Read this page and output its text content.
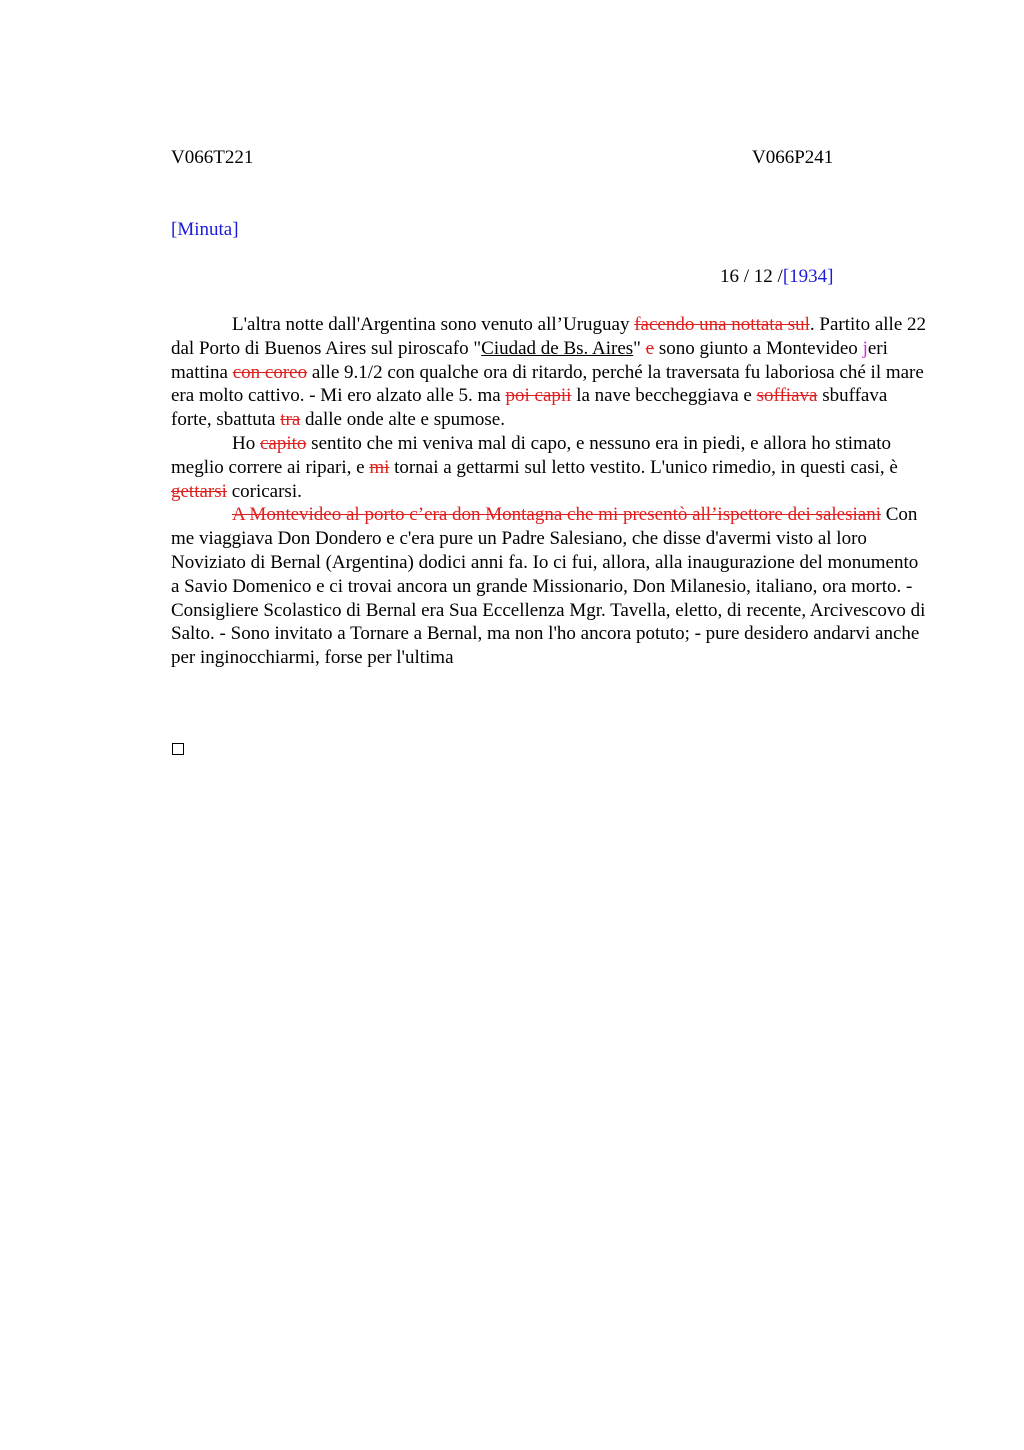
V066T221	V066P241
[Minuta]
16 / 12 /[1934]

L'altra notte dall'Argentina sono venuto all’Uruguay facendo una nottata sul. Partito alle 22 dal Porto di Buenos Aires sul piroscafo "Ciudad de Bs. Aires" e sono giunto a Montevideo jeri mattina con coreo alle 9.1/2 con qualche ora di ritardo, perché la traversata fu laboriosa ché il mare era molto cattivo. - Mi ero alzato alle 5. ma poi capii la nave beccheggiava e soffiava sbuffava forte, sbattuta tra dalle onde alte e spumose.

Ho capito sentito che mi veniva mal di capo, e nessuno era in piedi, e allora ho stimato meglio correre ai ripari, e mi tornai a gettarmi sul letto vestito. L'unico rimedio, in questi casi, è gettarsi coricarsi.

A Montevideo al porto c’era don Montagna che mi presentò all’ispettore dei salesiani Con me viaggiava Don Dondero e c'era pure un Padre Salesiano, che disse d'avermi visto al loro Noviziato di Bernal (Argentina) dodici anni fa. Io ci fui, allora, alla inaugurazione del monumento a Savio Domenico e ci trovai ancora un grande Missionario, Don Milanesio, italiano, ora morto. - Consigliere Scolastico di Bernal era Sua Eccellenza Mgr. Tavella, eletto, di recente, Arcivescovo di Salto. - Sono invitato a Tornare a Bernal, ma non l'ho ancora potuto; - pure desidero andarvi anche per inginocchiarmi, forse per l'ultima
